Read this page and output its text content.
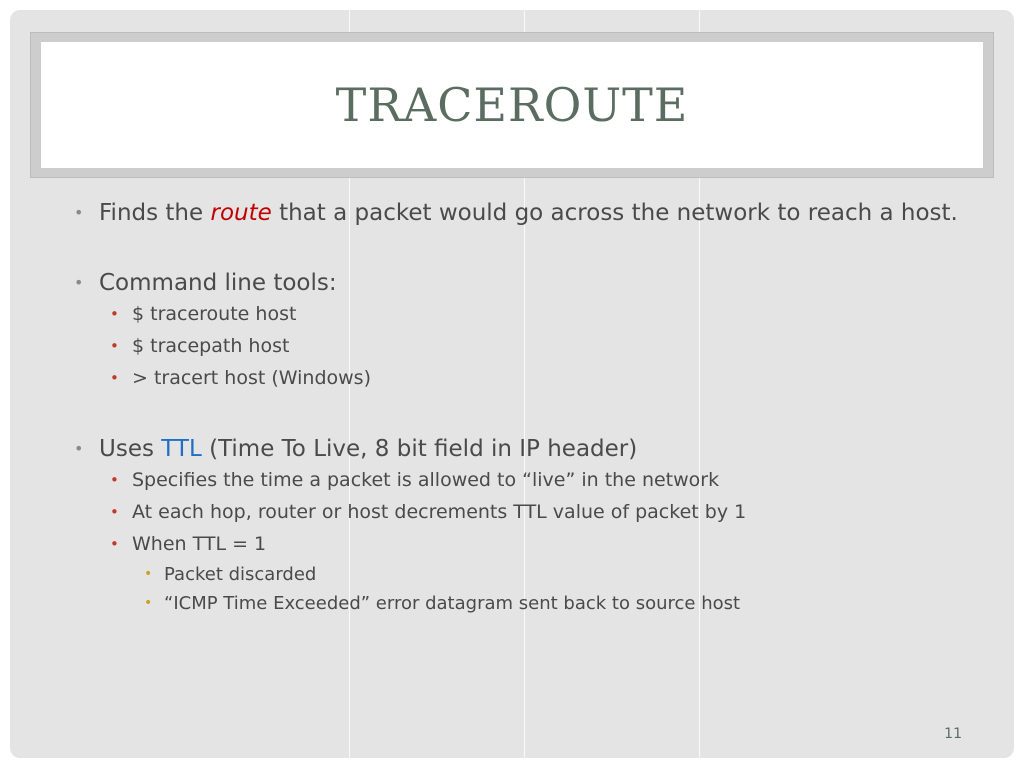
TRACEROUTE
• Finds the route that a packet would go across the network to reach a host.
• Command line tools:
• $ traceroute host
• $ tracepath host
• > tracert host (Windows)
• Uses TTL (Time To Live, 8 bit field in IP header)
• Specifies the time a packet is allowed to “live” in the network
• At each hop, router or host decrements TTL value of packet by 1
• When TTL = 1
• Packet discarded
• “ICMP Time Exceeded” error datagram sent back to source host
11
